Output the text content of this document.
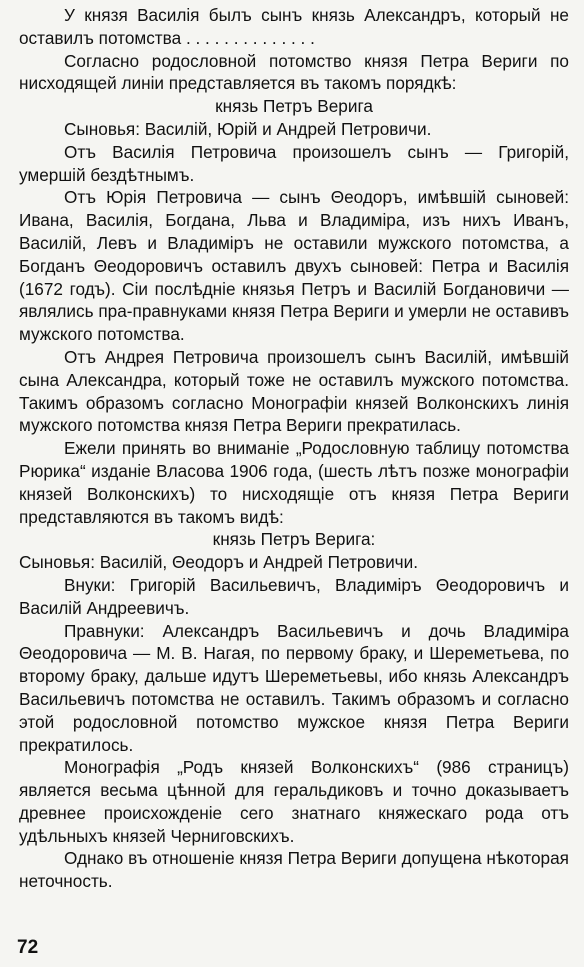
У князя Василія былъ сынъ князь Александръ, который не оставилъ потомства . . . . . . . . . . . . . .

Согласно родословной потомство князя Петра Вериги по нисходящей линіи представляется въ такомъ порядкѣ:

князь Петръ Верига

Сыновья: Василій, Юрій и Андрей Петровичи.

Отъ Василія Петровича произошелъ сынъ — Григорій, умершій бездѣтнымъ.

Отъ Юрія Петровича — сынъ Θеодоръ, имѣвшій сыновей: Ивана, Василія, Богдана, Льва и Владиміра, изъ нихъ Иванъ, Василій, Левъ и Владиміръ не оставили мужского потомства, а Богданъ Θеодоровичъ оставилъ двухъ сыновей: Петра и Василія (1672 годъ). Сіи послѣдніе князья Петръ и Василій Богдановичи — являлись пра-правнуками князя Петра Вериги и умерли не оставивъ мужского потомства.

Отъ Андрея Петровича произошелъ сынъ Василій, имѣвшій сына Александра, который тоже не оставилъ мужского потомства. Такимъ образомъ согласно Монографіи князей Волконскихъ линія мужского потомства князя Петра Вериги прекратилась.

Ежели принять во вниманіе „Родословную таблицу потомства Рюрика“ изданіе Власова 1906 года, (шесть лѣтъ позже монографіи князей Волконскихъ) то нисходящіе отъ князя Петра Вериги представляются въ такомъ видѣ:

князь Петръ Верига:

Сыновья: Василій, Θеодоръ и Андрей Петровичи.

Внуки: Григорій Васильевичъ, Владиміръ Θеодоровичъ и Василій Андреевичъ.

Правнуки: Александръ Васильевичъ и дочь Владиміра Θеодоровича — М. В. Нагая, по первому браку, и Шереметьева, по второму браку, дальше идутъ Шереметьевы, ибо князь Александръ Васильевичъ потомства не оставилъ. Такимъ образомъ и согласно этой родословной потомство мужское князя Петра Вериги прекратилось.

Монографія „Родъ князей Волконскихъ“ (986 страницъ) является весьма цѣнной для геральдиковъ и точно доказываетъ древнее происхожденіе сего знатнаго княжескаго рода отъ удѣльныхъ князей Черниговскихъ.

Однако въ отношеніе князя Петра Вериги допущена нѣкоторая неточность.

72
